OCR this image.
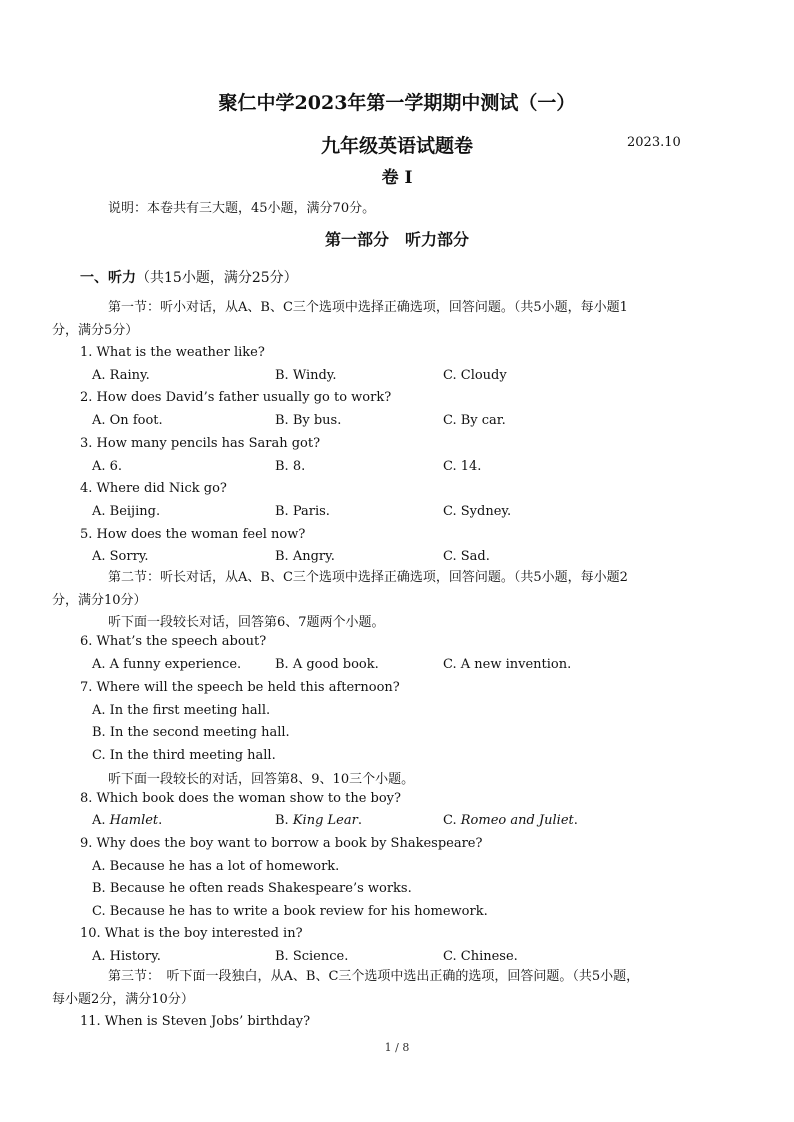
聚仁中学2023年第一学期期中测试（一）
九年级英语试题卷	2023.10
卷 I
说明：本卷共有三大题，45小题，满分70分。
第一部分　听力部分
一、听力（共15小题，满分25分）
第一节：听小对话，从A、B、C三个选项中选择正确选项，回答问题。（共5小题，每小题1
分，满分5分）
1. What is the weather like?
A. Rainy.	B. Windy.	C. Cloudy
2. How does David’s father usually go to work?
A. On foot.	B. By bus.	C. By car.
3. How many pencils has Sarah got?
A. 6.	B. 8.	C. 14.
4. Where did Nick go?
A. Beijing.	B. Paris.	C. Sydney.
5. How does the woman feel now?
A. Sorry.	B. Angry.	C. Sad.
第二节：听长对话，从A、B、C三个选项中选择正确选项，回答问题。（共5小题，每小题2
分，满分10分）
听下面一段较长对话，回答第6、7题两个小题。
6. What’s the speech about?
A. A funny experience.	B. A good book.	C. A new invention.
7. Where will the speech be held this afternoon?
A. In the first meeting hall.
B. In the second meeting hall.
C. In the third meeting hall.
听下面一段较长的对话，回答第8、9、10三个小题。
8. Which book does the woman show to the boy?
A. Hamlet.	B. King Lear.	C. Romeo and Juliet.
9. Why does the boy want to borrow a book by Shakespeare?
A. Because he has a lot of homework.
B. Because he often reads Shakespeare’s works.
C. Because he has to write a book review for his homework.
10. What is the boy interested in?
A. History.	B. Science.	C. Chinese.
第三节：　听下面一段独白，从A、B、C三个选项中选出正确的选项，回答问题。（共5小题，
每小题2分，满分10分）
11. When is Steven Jobs’ birthday?
1 / 8
